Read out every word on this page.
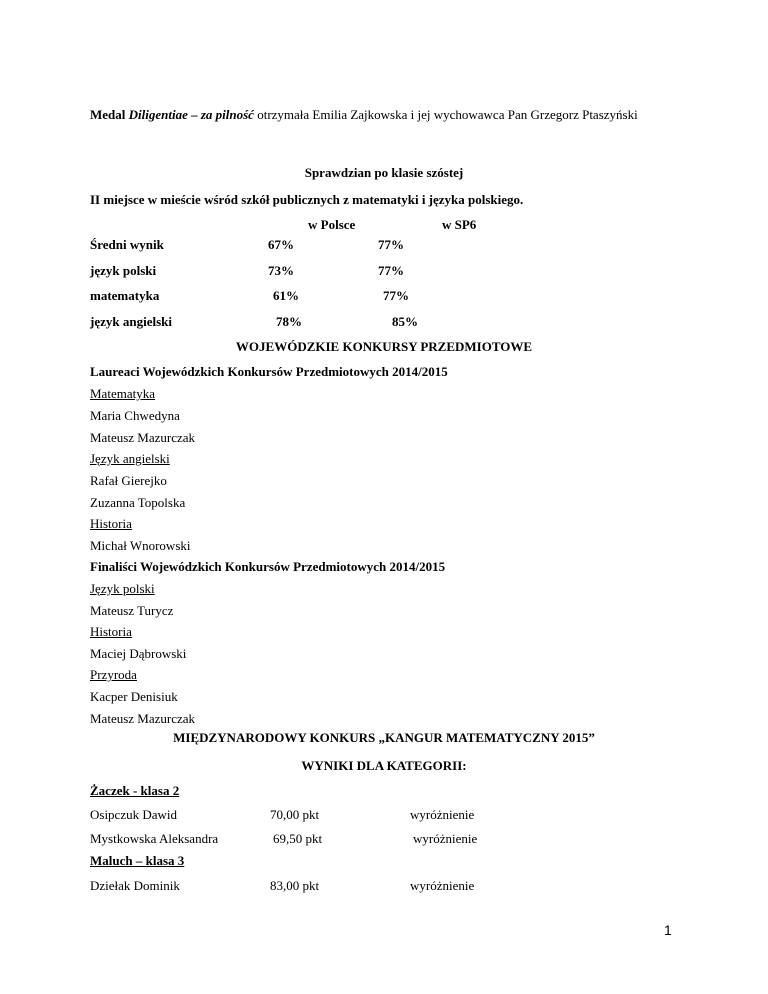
Medal Diligentiae – za pilność otrzymała Emilia Zajkowska i jej wychowawca Pan Grzegorz Ptaszyński
Sprawdzian po klasie szóstej
II miejsce w mieście wśród szkół publicznych z matematyki i języka polskiego.
w Polsce	w SP6
Średni wynik	67%	77%
język polski	73%	77%
matematyka	61%	77%
język angielski	78%	85%
WOJEWÓDZKIE KONKURSY PRZEDMIOTOWE
Laureaci Wojewódzkich Konkursów Przedmiotowych 2014/2015
Matematyka
Maria Chwedyna
Mateusz Mazurczak
Język angielski
Rafał Gierejko
Zuzanna Topolska
Historia
Michał Wnorowski
Finaliści Wojewódzkich Konkursów Przedmiotowych 2014/2015
Język polski
Mateusz Turycz
Historia
Maciej Dąbrowski
Przyroda
Kacper Denisiuk
Mateusz Mazurczak
MIĘDZYNARODOWY KONKURS „KANGUR MATEMATYCZNY 2015”
WYNIKI DLA KATEGORII:
Żaczek - klasa 2
Osipczuk Dawid	70,00 pkt	wyróżnienie
Mystkowska Aleksandra	69,50 pkt	wyróżnienie
Maluch – klasa 3
Dziełak Dominik	83,00 pkt	wyróżnienie
1
